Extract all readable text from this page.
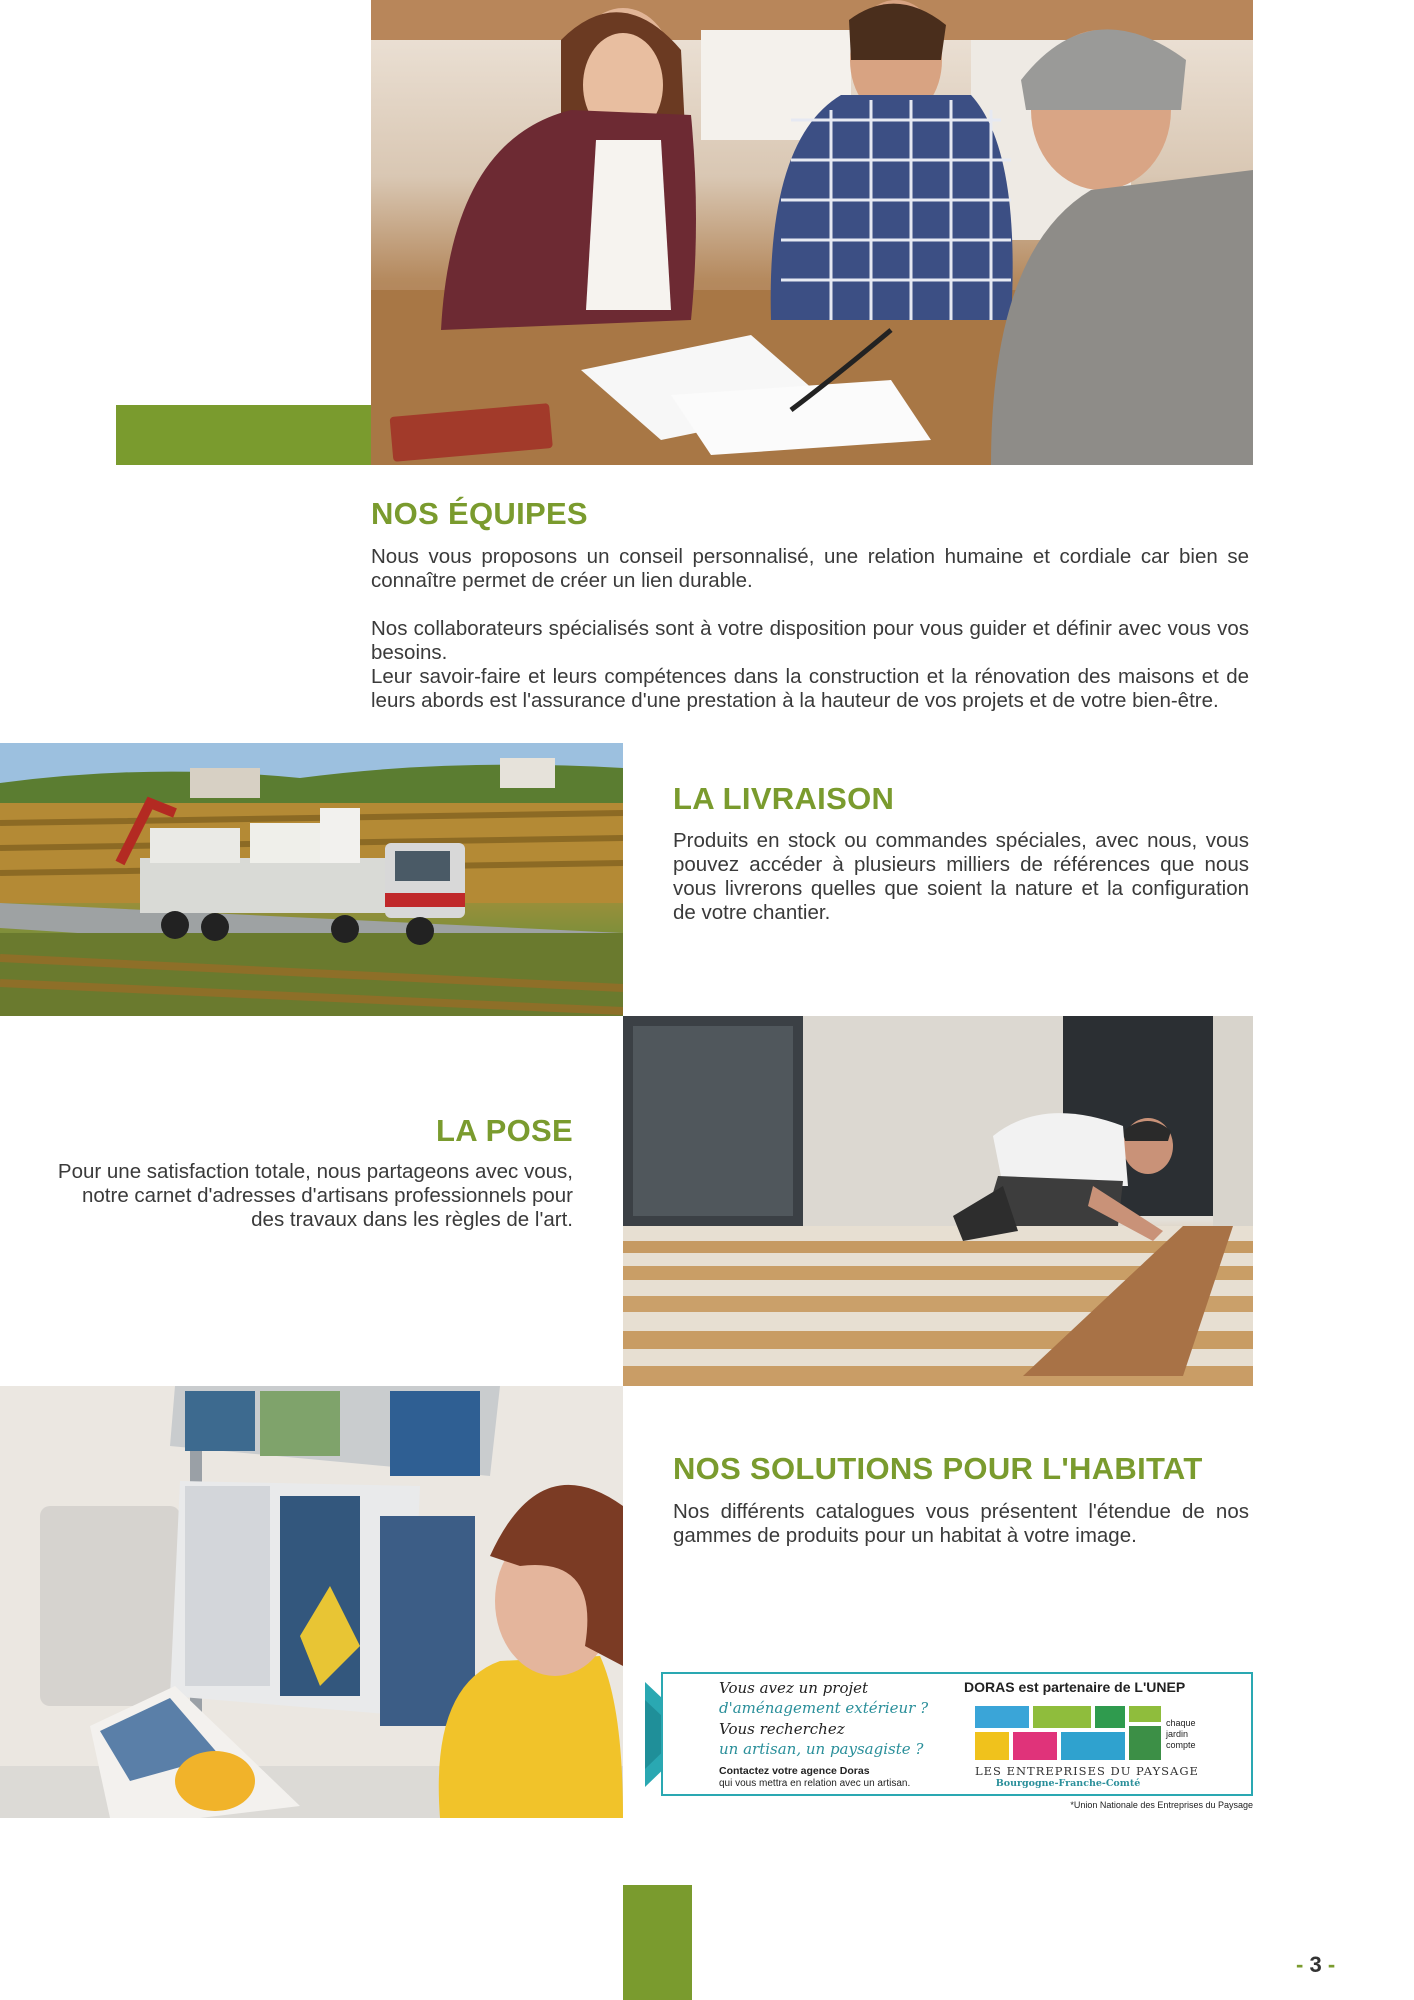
NOS ÉQUIPES

Nous vous proposons un conseil personnalisé, une relation humaine et cordiale car bien se connaître permet de créer un lien durable.

Nos collaborateurs spécialisés sont à votre disposition pour vous guider et définir avec vous vos besoins.

Leur savoir-faire et leurs compétences dans la construction et la rénovation des maisons et de leurs abords est l'assurance d'une prestation à la hauteur de vos projets et de votre bien-être.

LA LIVRAISON

Produits en stock ou commandes spéciales, avec nous, vous pouvez accéder à plusieurs milliers de références que nous vous livrerons quelles que soient la nature et la configuration de votre chantier.

LA POSE

Pour une satisfaction totale, nous partageons avec vous, notre carnet d'adresses d'artisans professionnels pour des travaux dans les règles de l'art.

NOS SOLUTIONS POUR L'HABITAT

Nos différents catalogues vous présentent l'étendue de nos gammes de produits pour un habitat à votre image.

Vous avez un projet
d'aménagement extérieur ?
Vous recherchez
un artisan, un paysagiste ?
Contactez votre agence Doras
qui vous mettra en relation avec un artisan.
DORAS est partenaire de L'UNEP
chaque
jardin
compte
LES ENTREPRISES DU PAYSAGE
Bourgogne-Franche-Comté
*Union Nationale des Entreprises du Paysage
- 3 -
